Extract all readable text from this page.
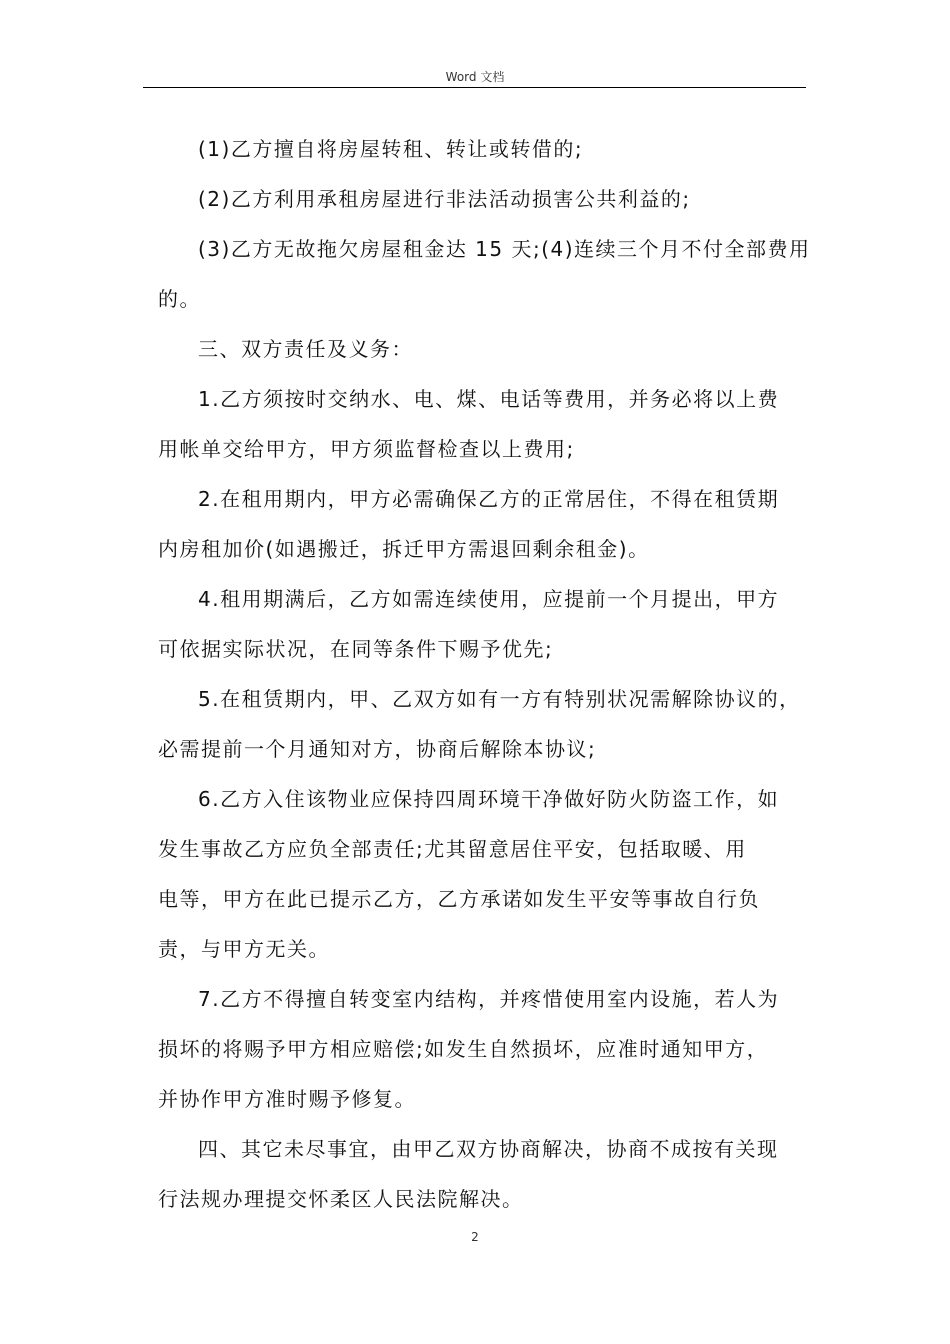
Word 文档

(1)乙方擅自将房屋转租、转让或转借的;

(2)乙方利用承租房屋进行非法活动损害公共利益的;

(3)乙方无故拖欠房屋租金达 15 天;(4)连续三个月不付全部费用
的。

三、双方责任及义务：

1.乙方须按时交纳水、电、煤、电话等费用，并务必将以上费
用帐单交给甲方，甲方须监督检查以上费用;

2.在租用期内，甲方必需确保乙方的正常居住，不得在租赁期
内房租加价(如遇搬迁，拆迁甲方需退回剩余租金)。

4.租用期满后，乙方如需连续使用，应提前一个月提出，甲方
可依据实际状况，在同等条件下赐予优先;

5.在租赁期内，甲、乙双方如有一方有特别状况需解除协议的，
必需提前一个月通知对方，协商后解除本协议;

6.乙方入住该物业应保持四周环境干净做好防火防盗工作，如
发生事故乙方应负全部责任;尤其留意居住平安，包括取暖、用
电等，甲方在此已提示乙方，乙方承诺如发生平安等事故自行负
责，与甲方无关。

7.乙方不得擅自转变室内结构，并疼惜使用室内设施，若人为
损坏的将赐予甲方相应赔偿;如发生自然损坏，应准时通知甲方，
并协作甲方准时赐予修复。

四、其它未尽事宜，由甲乙双方协商解决，协商不成按有关现
行法规办理提交怀柔区人民法院解决。

2
